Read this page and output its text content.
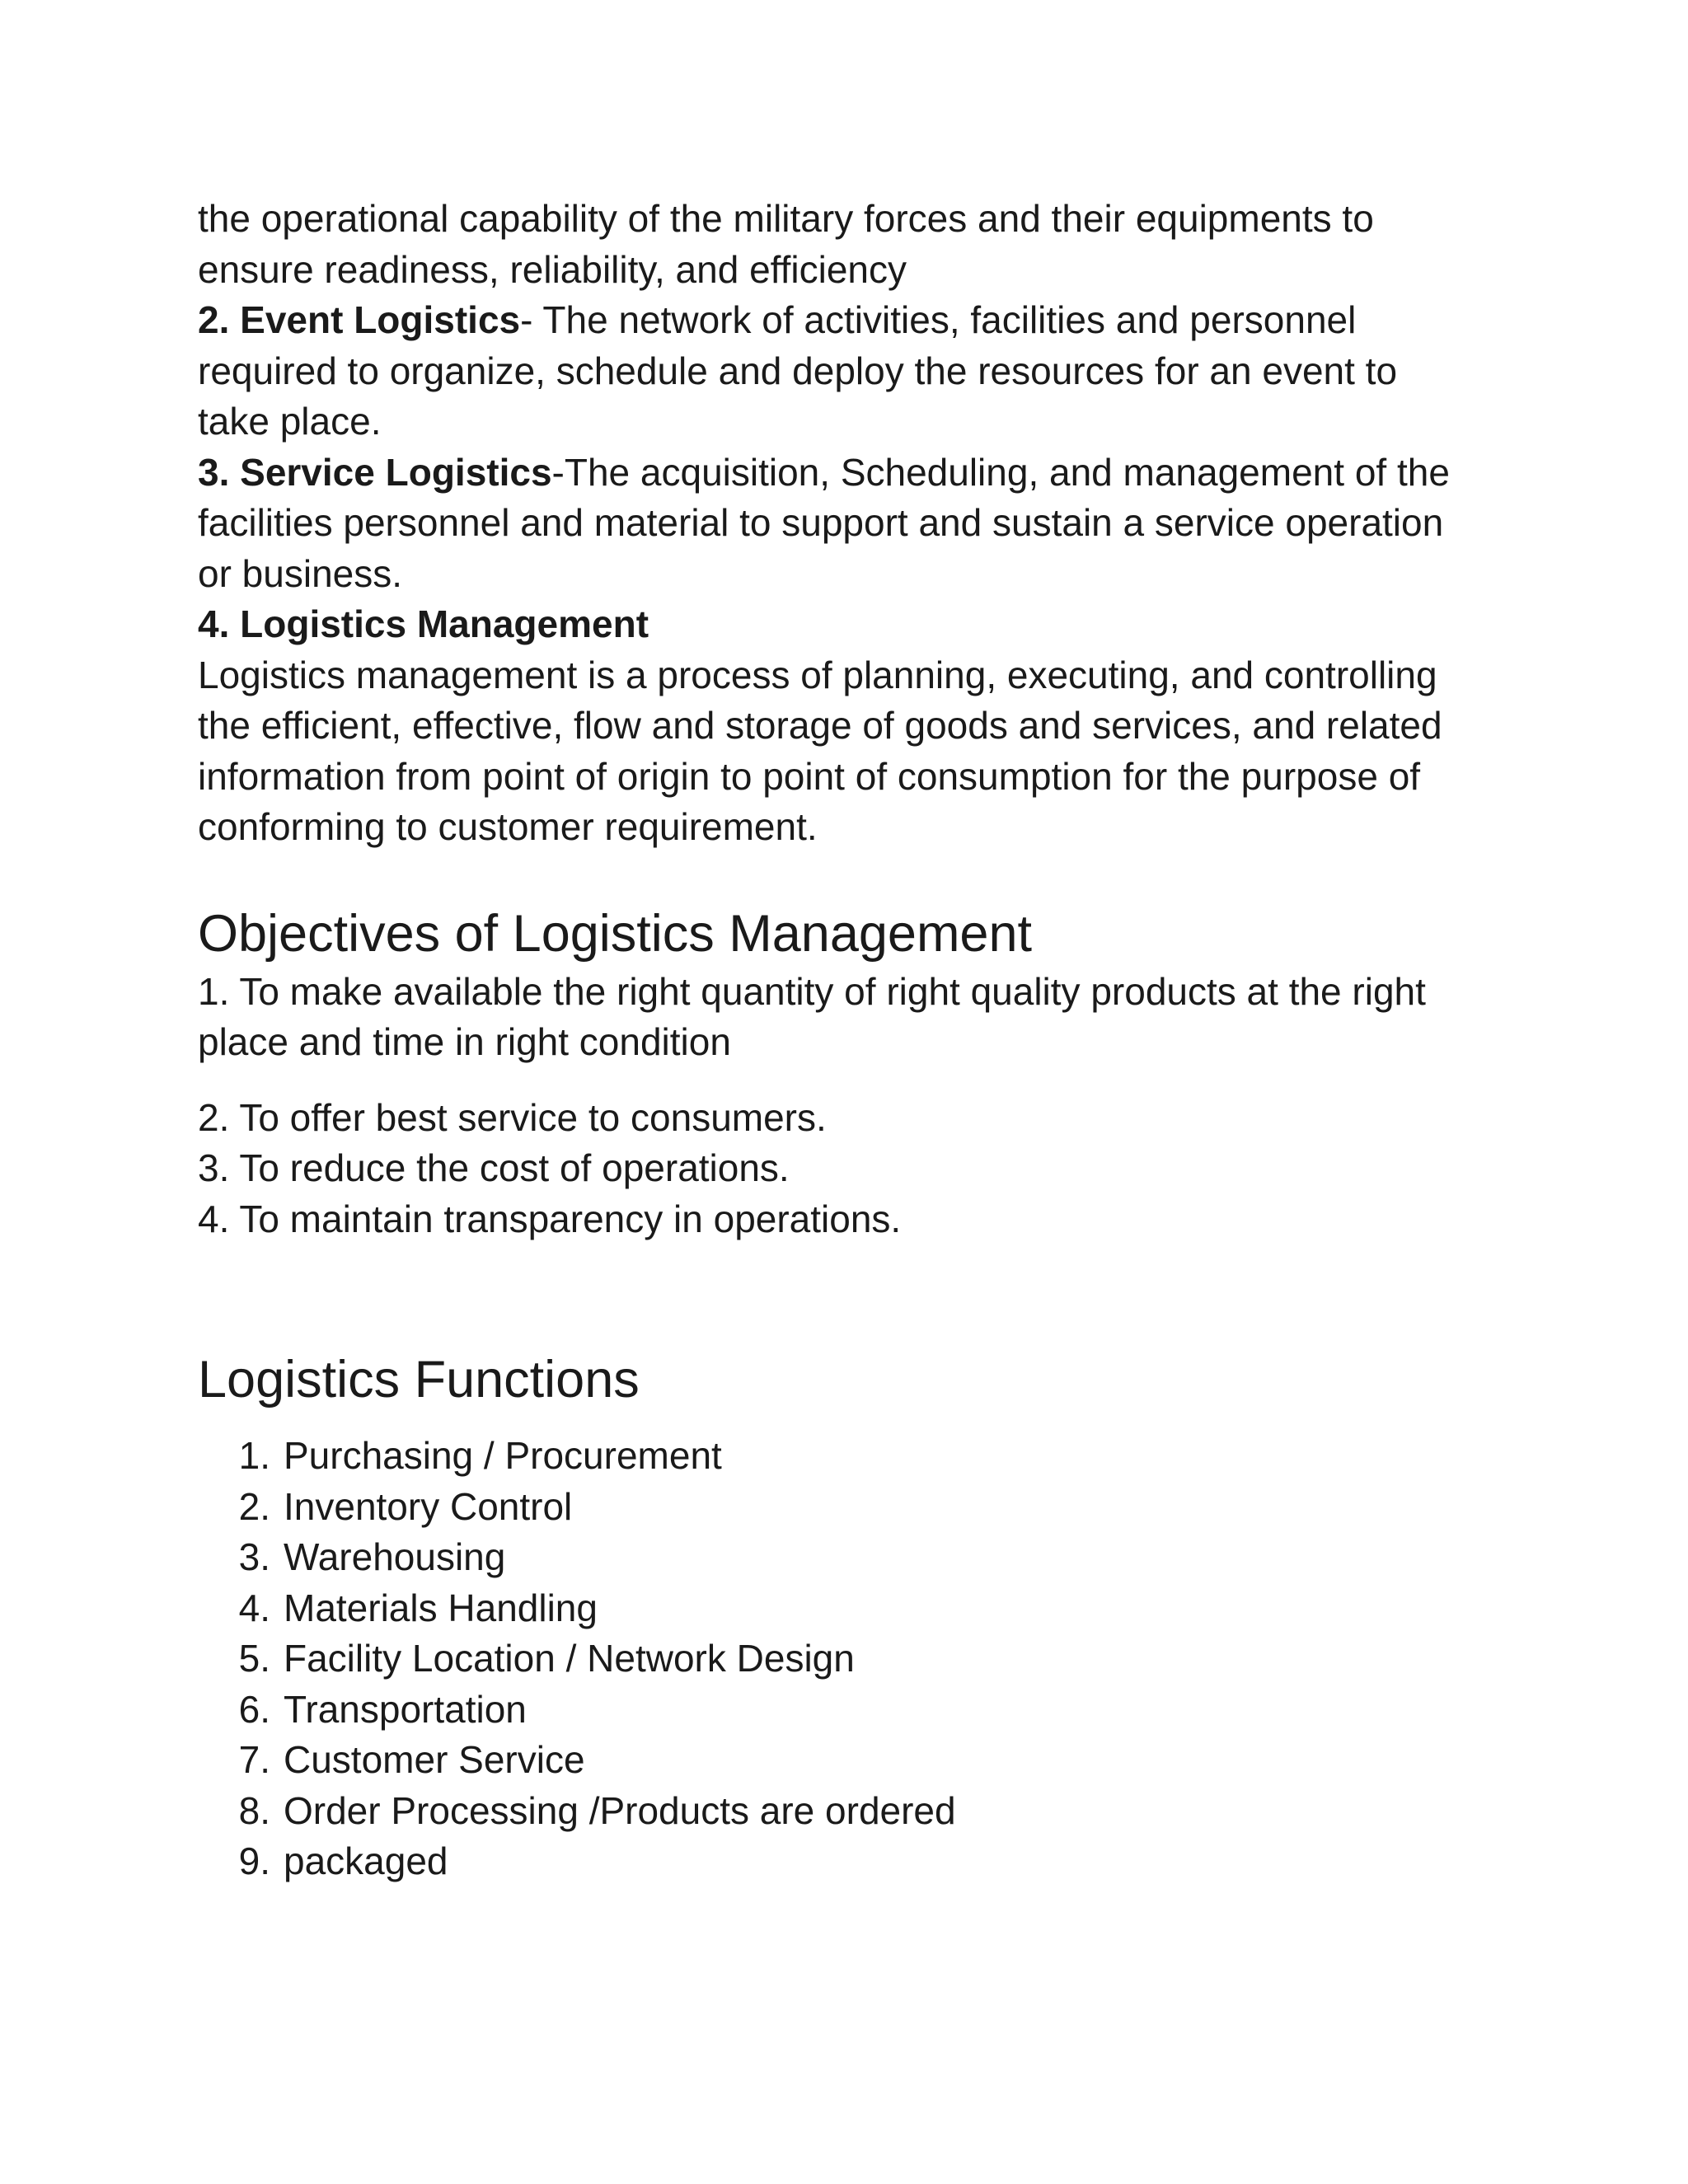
the operational capability of the military forces and their equipments to

ensure readiness, reliability, and efficiency

2. Event Logistics- The network of activities, facilities and personnel

required to organize, schedule and deploy the resources for an event to

take place.

3. Service Logistics-The acquisition, Scheduling, and management of the

facilities personnel and material to support and sustain a service operation

or business.

4. Logistics Management

Logistics management is a process of planning, executing, and controlling

the efficient, effective, flow and storage of goods and services, and related

information from point of origin to point of consumption for the purpose of

conforming to customer requirement.

Objectives of Logistics Management

1. To make available the right quantity of right quality products at the right

place and time in right condition

2. To offer best service to consumers.

3. To reduce the cost of operations.

4. To maintain transparency in operations.

Logistics Functions
1 . Purchasing / Procurement
2 . Inventory Control
3 . Warehousing
4 . Materials Handling
5 . Facility Location / Network Design
6 . Transportation
7 . Customer Service
8 . Order Processing /Products are ordered
9 . packaged
